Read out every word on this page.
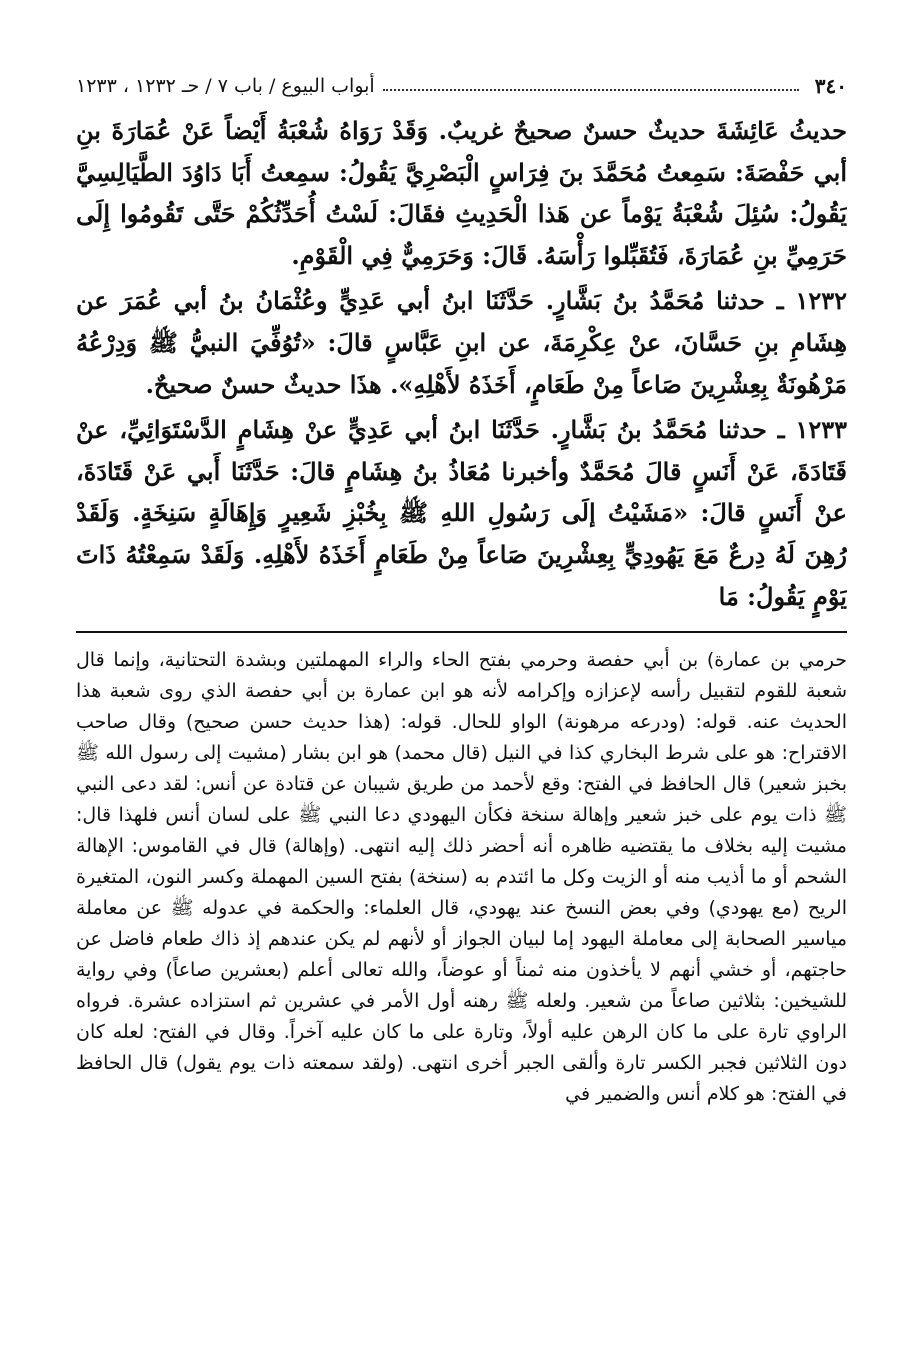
٣٤٠
أبواب البيوع / باب ٧ / حـ ١٢٣٢ ، ١٢٣٣

حديثُ عَائِشَةَ حديثٌ حسنٌ صحيحٌ غريبٌ. وَقَدْ رَوَاهُ شُعْبَةُ أَيْضاً عَنْ عُمَارَةَ بنِ أبي حَفْصَةَ: سَمِعتُ مُحَمَّدَ بنَ فِرَاسٍ الْبَصْرِيَّ يَقُولُ: سمِعتُ أَبَا دَاوُدَ الطَّيَالِسِيَّ يَقُولُ: سُئِلَ شُعْبَةُ يَوْماً عن هَذا الْحَدِيثِ فقَالَ: لَسْتُ أُحَدِّثُكُمْ حَتَّى تَقُومُوا إِلَى حَرَمِيِّ بنِ عُمَارَةَ، فَتُقَبِّلوا رَأْسَهُ. قَالَ: وَحَرَمِيٌّ فِي الْقَوْمِ.

١٢٣٢ ـ حدثنا مُحَمَّدُ بنُ بَشَّارٍ. حَدَّثَنَا ابنُ أبي عَدِيٍّ وعُثْمَانُ بنُ أبي عُمَرَ عن هِشَامِ بنِ حَسَّانَ، عنْ عِكْرِمَةَ، عن ابنِ عَبَّاسٍ قالَ: «تُوُفِّيَ النبيُّ ﷺ وَدِرْعُهُ مَرْهُونَةٌ بِعِشْرِينَ صَاعاً مِنْ طَعَامٍ، أَخَذَهُ لأَهْلِهِ». هذَا حديثٌ حسنٌ صحيحٌ.

١٢٣٣ ـ حدثنا مُحَمَّدُ بنُ بَشَّارٍ. حَدَّثَنَا ابنُ أبي عَدِيٍّ عنْ هِشَامٍ الدَّسْتَوَائِيِّ، عنْ قَتَادَةَ، عَنْ أَنَسٍ قالَ مُحَمَّدٌ وأخبرنا مُعَاذُ بنُ هِشَامٍ قالَ: حَدَّثَنَا أَبي عَنْ قَتَادَةَ، عنْ أَنَسٍ قالَ: «مَشَيْتُ إلَى رَسُولِ اللهِ ﷺ بِخُبْزِ شَعِيرٍ وَإِهَالَةٍ سَنِخَةٍ. وَلَقَدْ رُهِنَ لَهُ دِرعٌ مَعَ يَهُودِيٍّ بِعِشْرِينَ صَاعاً مِنْ طَعَامٍ أَخَذَهُ لأَهْلِهِ. وَلَقَدْ سَمِعْتُهُ ذَاتَ يَوْمٍ يَقُولُ: مَا

حرمي بن عمارة) بن أبي حفصة وحرمي بفتح الحاء والراء المهملتين وبشدة التحتانية، وإنما قال شعبة للقوم لتقبيل رأسه لإعزازه وإكرامه لأنه هو ابن عمارة بن أبي حفصة الذي روى شعبة هذا الحديث عنه. قوله: (ودرعه مرهونة) الواو للحال. قوله: (هذا حديث حسن صحيح) وقال صاحب الاقتراح: هو على شرط البخاري كذا في النيل (قال محمد) هو ابن بشار (مشيت إلى رسول الله ﷺ بخبز شعير) قال الحافظ في الفتح: وقع لأحمد من طريق شيبان عن قتادة عن أنس: لقد دعى النبي ﷺ ذات يوم على خبز شعير وإهالة سنخة فكأن اليهودي دعا النبي ﷺ على لسان أنس فلهذا قال: مشيت إليه بخلاف ما يقتضيه ظاهره أنه أحضر ذلك إليه انتهى. (وإهالة) قال في القاموس: الإهالة الشحم أو ما أذيب منه أو الزيت وكل ما ائتدم به (سنخة) بفتح السين المهملة وكسر النون، المتغيرة الريح (مع يهودي) وفي بعض النسخ عند يهودي، قال العلماء: والحكمة في عدوله ﷺ عن معاملة مياسير الصحابة إلى معاملة اليهود إما لبيان الجواز أو لأنهم لم يكن عندهم إذ ذاك طعام فاضل عن حاجتهم، أو خشي أنهم لا يأخذون منه ثمناً أو عوضاً، والله تعالى أعلم (بعشرين صاعاً) وفي رواية للشيخين: بثلاثين صاعاً من شعير. ولعله ﷺ رهنه أول الأمر في عشرين ثم استزاده عشرة. فرواه الراوي تارة على ما كان الرهن عليه أولاً، وتارة على ما كان عليه آخراً. وقال في الفتح: لعله كان دون الثلاثين فجبر الكسر تارة وألقى الجبر أخرى انتهى. (ولقد سمعته ذات يوم يقول) قال الحافظ في الفتح: هو كلام أنس والضمير في
